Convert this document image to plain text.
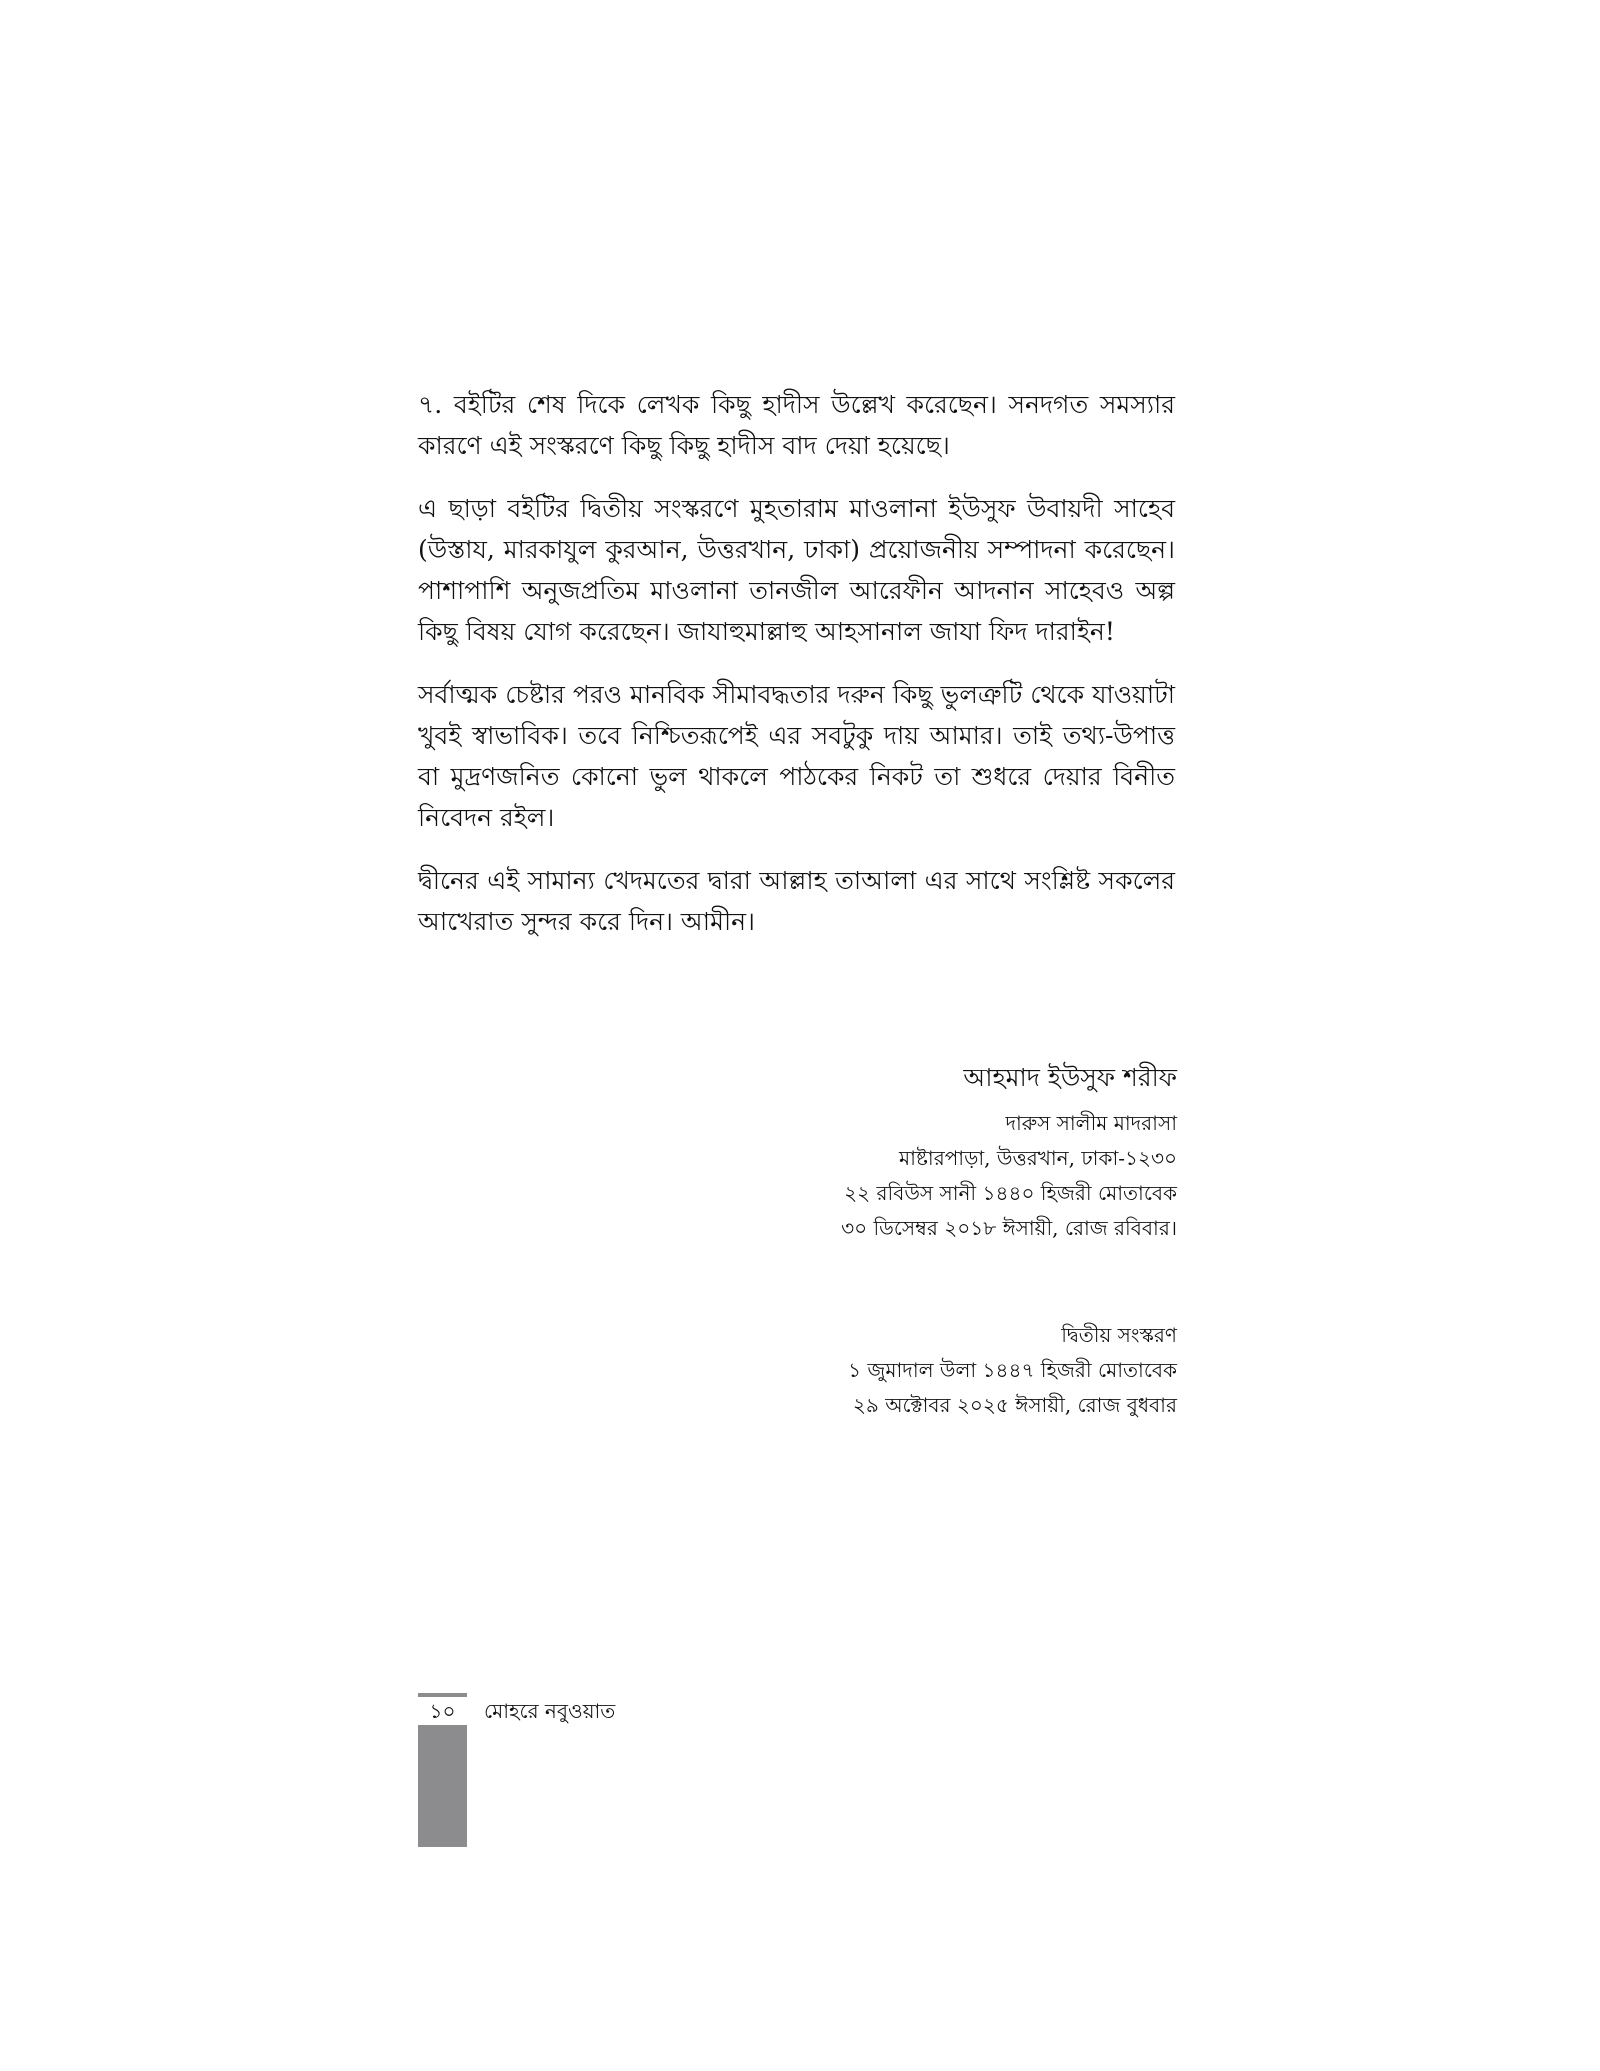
৭. বইটির শেষ দিকে লেখক কিছু হাদীস উল্লেখ করেছেন। সনদগত সমস্যার কারণে এই সংস্করণে কিছু কিছু হাদীস বাদ দেয়া হয়েছে।

এ ছাড়া বইটির দ্বিতীয় সংস্করণে মুহতারাম মাওলানা ইউসুফ উবায়দী সাহেব (উস্তায, মারকাযুল কুরআন, উত্তরখান, ঢাকা) প্রয়োজনীয় সম্পাদনা করেছেন। পাশাপাশি অনুজপ্রতিম মাওলানা তানজীল আরেফীন আদনান সাহেবও অল্প কিছু বিষয় যোগ করেছেন। জাযাহুমাল্লাহু আহসানাল জাযা ফিদ দারাইন!

সর্বাত্মক চেষ্টার পরও মানবিক সীমাবদ্ধতার দরুন কিছু ভুলত্রুটি থেকে যাওয়াটা খুবই স্বাভাবিক। তবে নিশ্চিতরূপেই এর সবটুকু দায় আমার। তাই তথ্য-উপাত্ত বা মুদ্রণজনিত কোনো ভুল থাকলে পাঠকের নিকট তা শুধরে দেয়ার বিনীত নিবেদন রইল।

দ্বীনের এই সামান্য খেদমতের দ্বারা আল্লাহ তাআলা এর সাথে সংশ্লিষ্ট সকলের আখেরাত সুন্দর করে দিন। আমীন।

আহমাদ ইউসুফ শরীফ
দারুস সালীম মাদরাসা
মাষ্টারপাড়া, উত্তরখান, ঢাকা-১২৩০
২২ রবিউস সানী ১৪৪০ হিজরী মোতাবেক
৩০ ডিসেম্বর ২০১৮ ঈসায়ী, রোজ রবিবার।
দ্বিতীয় সংস্করণ
১ জুমাদাল উলা ১৪৪৭ হিজরী মোতাবেক
২৯ অক্টোবর ২০২৫ ঈসায়ী, রোজ বুধবার
১০	মোহরে নবুওয়াত
